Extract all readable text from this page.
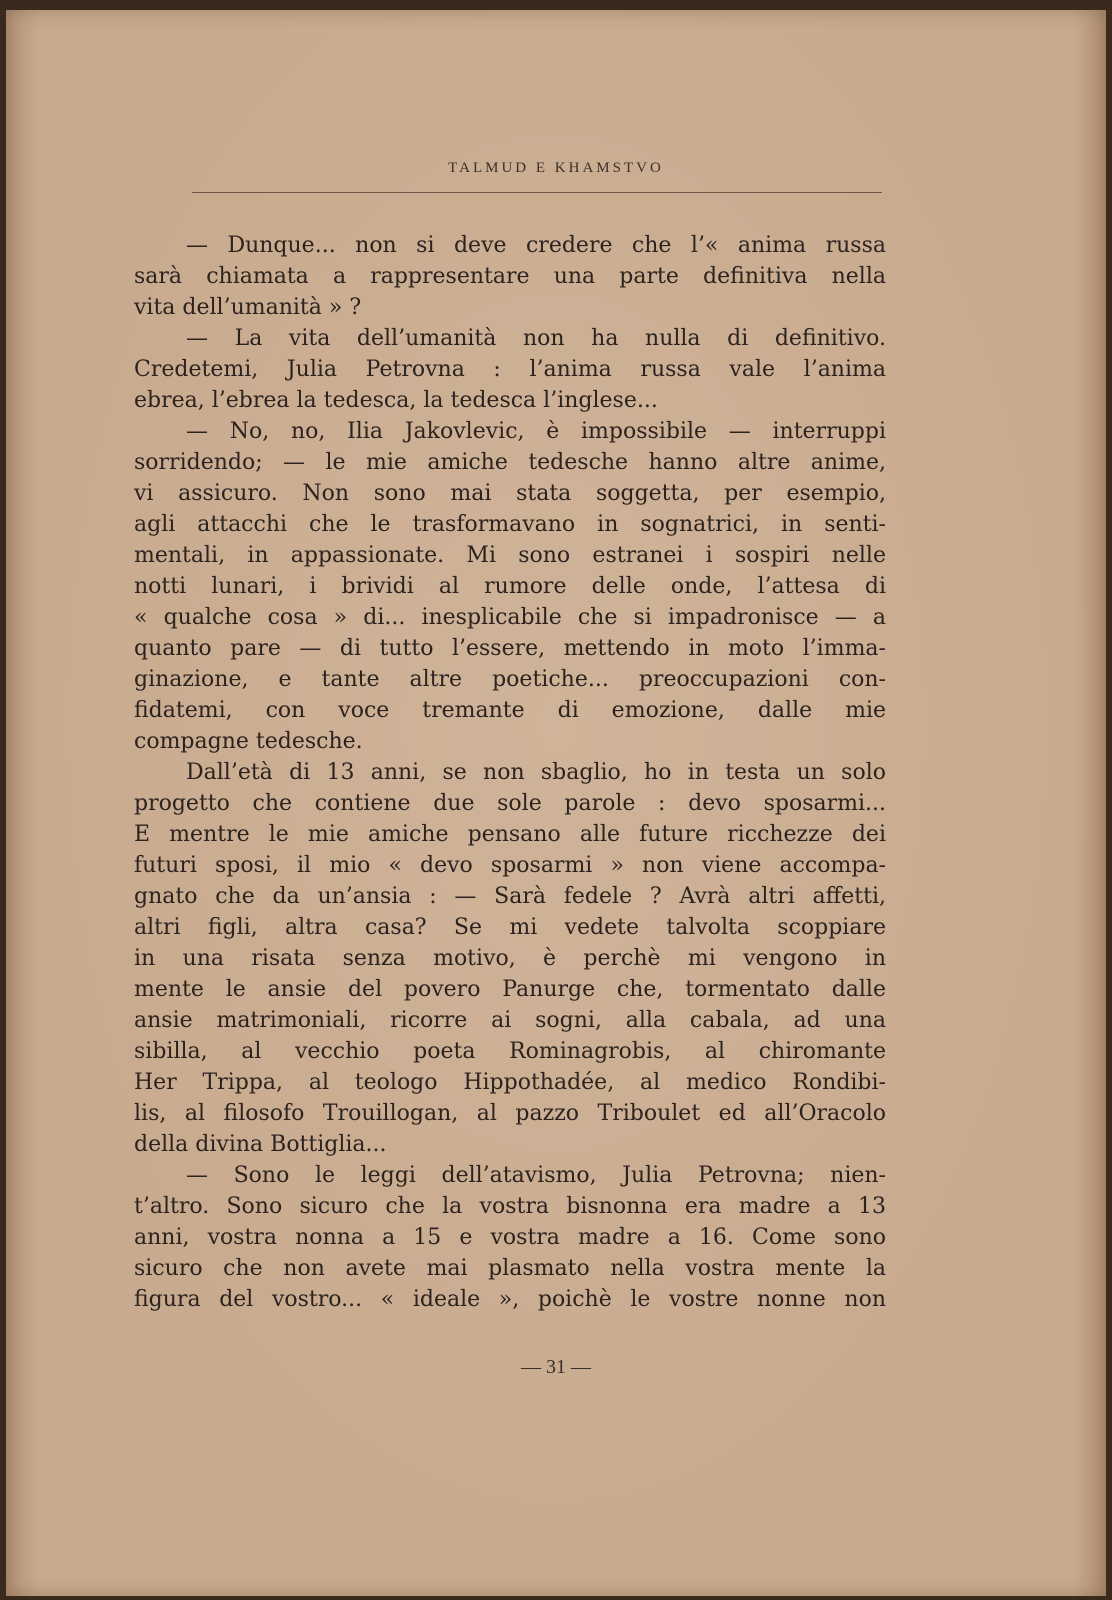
TALMUD E KHAMSTVO

— Dunque... non si deve credere che l’« anima russa

sarà chiamata a rappresentare una parte definitiva nella

vita dell’umanità » ?

— La vita dell’umanità non ha nulla di definitivo.

Credetemi, Julia Petrovna : l’anima russa vale l’anima

ebrea, l’ebrea la tedesca, la tedesca l’inglese...

— No, no, Ilia Jakovlevic, è impossibile — interruppi

sorridendo; — le mie amiche tedesche hanno altre anime,

vi assicuro. Non sono mai stata soggetta, per esempio,

agli attacchi che le trasformavano in sognatrici, in senti-

mentali, in appassionate. Mi sono estranei i sospiri nelle

notti lunari, i brividi al rumore delle onde, l’attesa di

« qualche cosa » di... inesplicabile che si impadronisce — a

quanto pare — di tutto l’essere, mettendo in moto l’imma-

ginazione, e tante altre poetiche... preoccupazioni con-

fidatemi, con voce tremante di emozione, dalle mie

compagne tedesche.

Dall’età di 13 anni, se non sbaglio, ho in testa un solo

progetto che contiene due sole parole : devo sposarmi...

E mentre le mie amiche pensano alle future ricchezze dei

futuri sposi, il mio « devo sposarmi » non viene accompa-

gnato che da un’ansia : — Sarà fedele ? Avrà altri affetti,

altri figli, altra casa? Se mi vedete talvolta scoppiare

in una risata senza motivo, è perchè mi vengono in

mente le ansie del povero Panurge che, tormentato dalle

ansie matrimoniali, ricorre ai sogni, alla cabala, ad una

sibilla, al vecchio poeta Rominagrobis, al chiromante

Her Trippa, al teologo Hippothadée, al medico Rondibi-

lis, al filosofo Trouillogan, al pazzo Triboulet ed all’Oracolo

della divina Bottiglia...

— Sono le leggi dell’atavismo, Julia Petrovna; nien-

t’altro. Sono sicuro che la vostra bisnonna era madre a 13

anni, vostra nonna a 15 e vostra madre a 16. Come sono

sicuro che non avete mai plasmato nella vostra mente la

figura del vostro... « ideale », poichè le vostre nonne non

— 31 —
